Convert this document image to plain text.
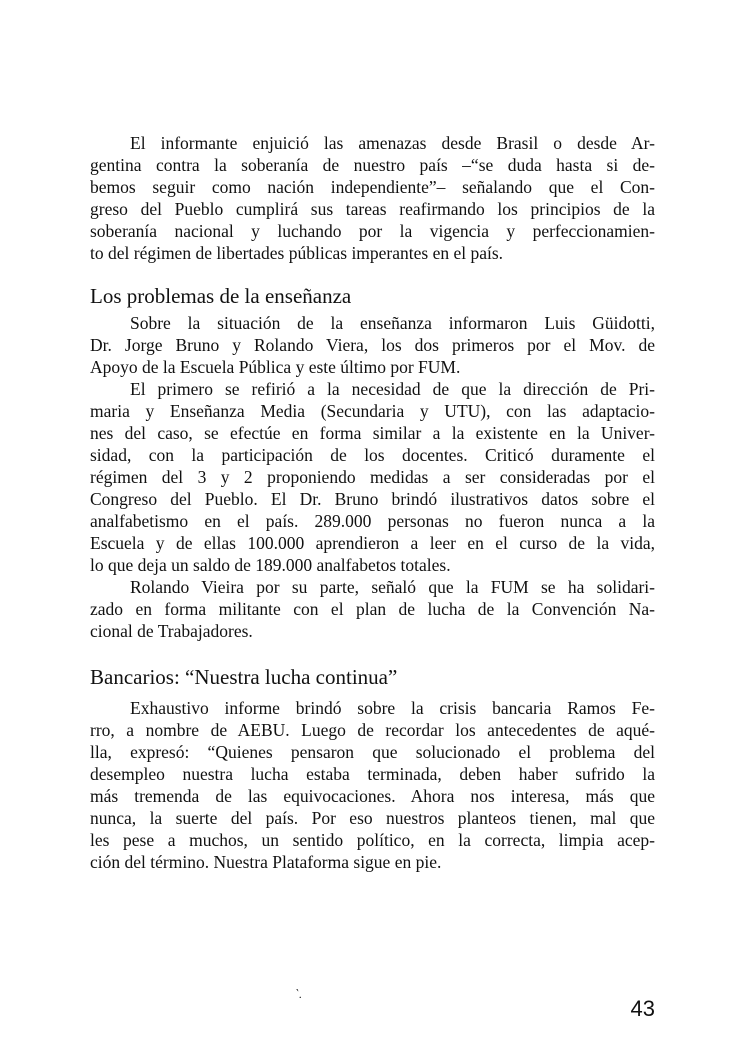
El informante enjuició las amenazas desde Brasil o desde Ar-
gentina contra la soberanía de nuestro país –“se duda hasta si de-
bemos seguir como nación independiente”– señalando que el Con-
greso del Pueblo cumplirá sus tareas reafirmando los principios de la
soberanía nacional y luchando por la vigencia y perfeccionamien-
to del régimen de libertades públicas imperantes en el país.
Los problemas de la enseñanza
Sobre la situación de la enseñanza informaron Luis Güidotti,
Dr. Jorge Bruno y Rolando Viera, los dos primeros por el Mov. de
Apoyo de la Escuela Pública y este último por FUM.
El primero se refirió a la necesidad de que la dirección de Pri-
maria y Enseñanza Media (Secundaria y UTU), con las adaptacio-
nes del caso, se efectúe en forma similar a la existente en la Univer-
sidad, con la participación de los docentes. Criticó duramente el
régimen del 3 y 2 proponiendo medidas a ser consideradas por el
Congreso del Pueblo. El Dr. Bruno brindó ilustrativos datos sobre el
analfabetismo en el país. 289.000 personas no fueron nunca a la
Escuela y de ellas 100.000 aprendieron a leer en el curso de la vida,
lo que deja un saldo de 189.000 analfabetos totales.
Rolando Vieira por su parte, señaló que la FUM se ha solidari-
zado en forma militante con el plan de lucha de la Convención Na-
cional de Trabajadores.
Bancarios: “Nuestra lucha continua”
Exhaustivo informe brindó sobre la crisis bancaria Ramos Fe-
rro, a nombre de AEBU. Luego de recordar los antecedentes de aqué-
lla, expresó: “Quienes pensaron que solucionado el problema del
desempleo nuestra lucha estaba terminada, deben haber sufrido la
más tremenda de las equivocaciones. Ahora nos interesa, más que
nunca, la suerte del país. Por eso nuestros planteos tienen, mal que
les pese a muchos, un sentido político, en la correcta, limpia acep-
ción del término. Nuestra Plataforma sigue en pie.
‵.
43
